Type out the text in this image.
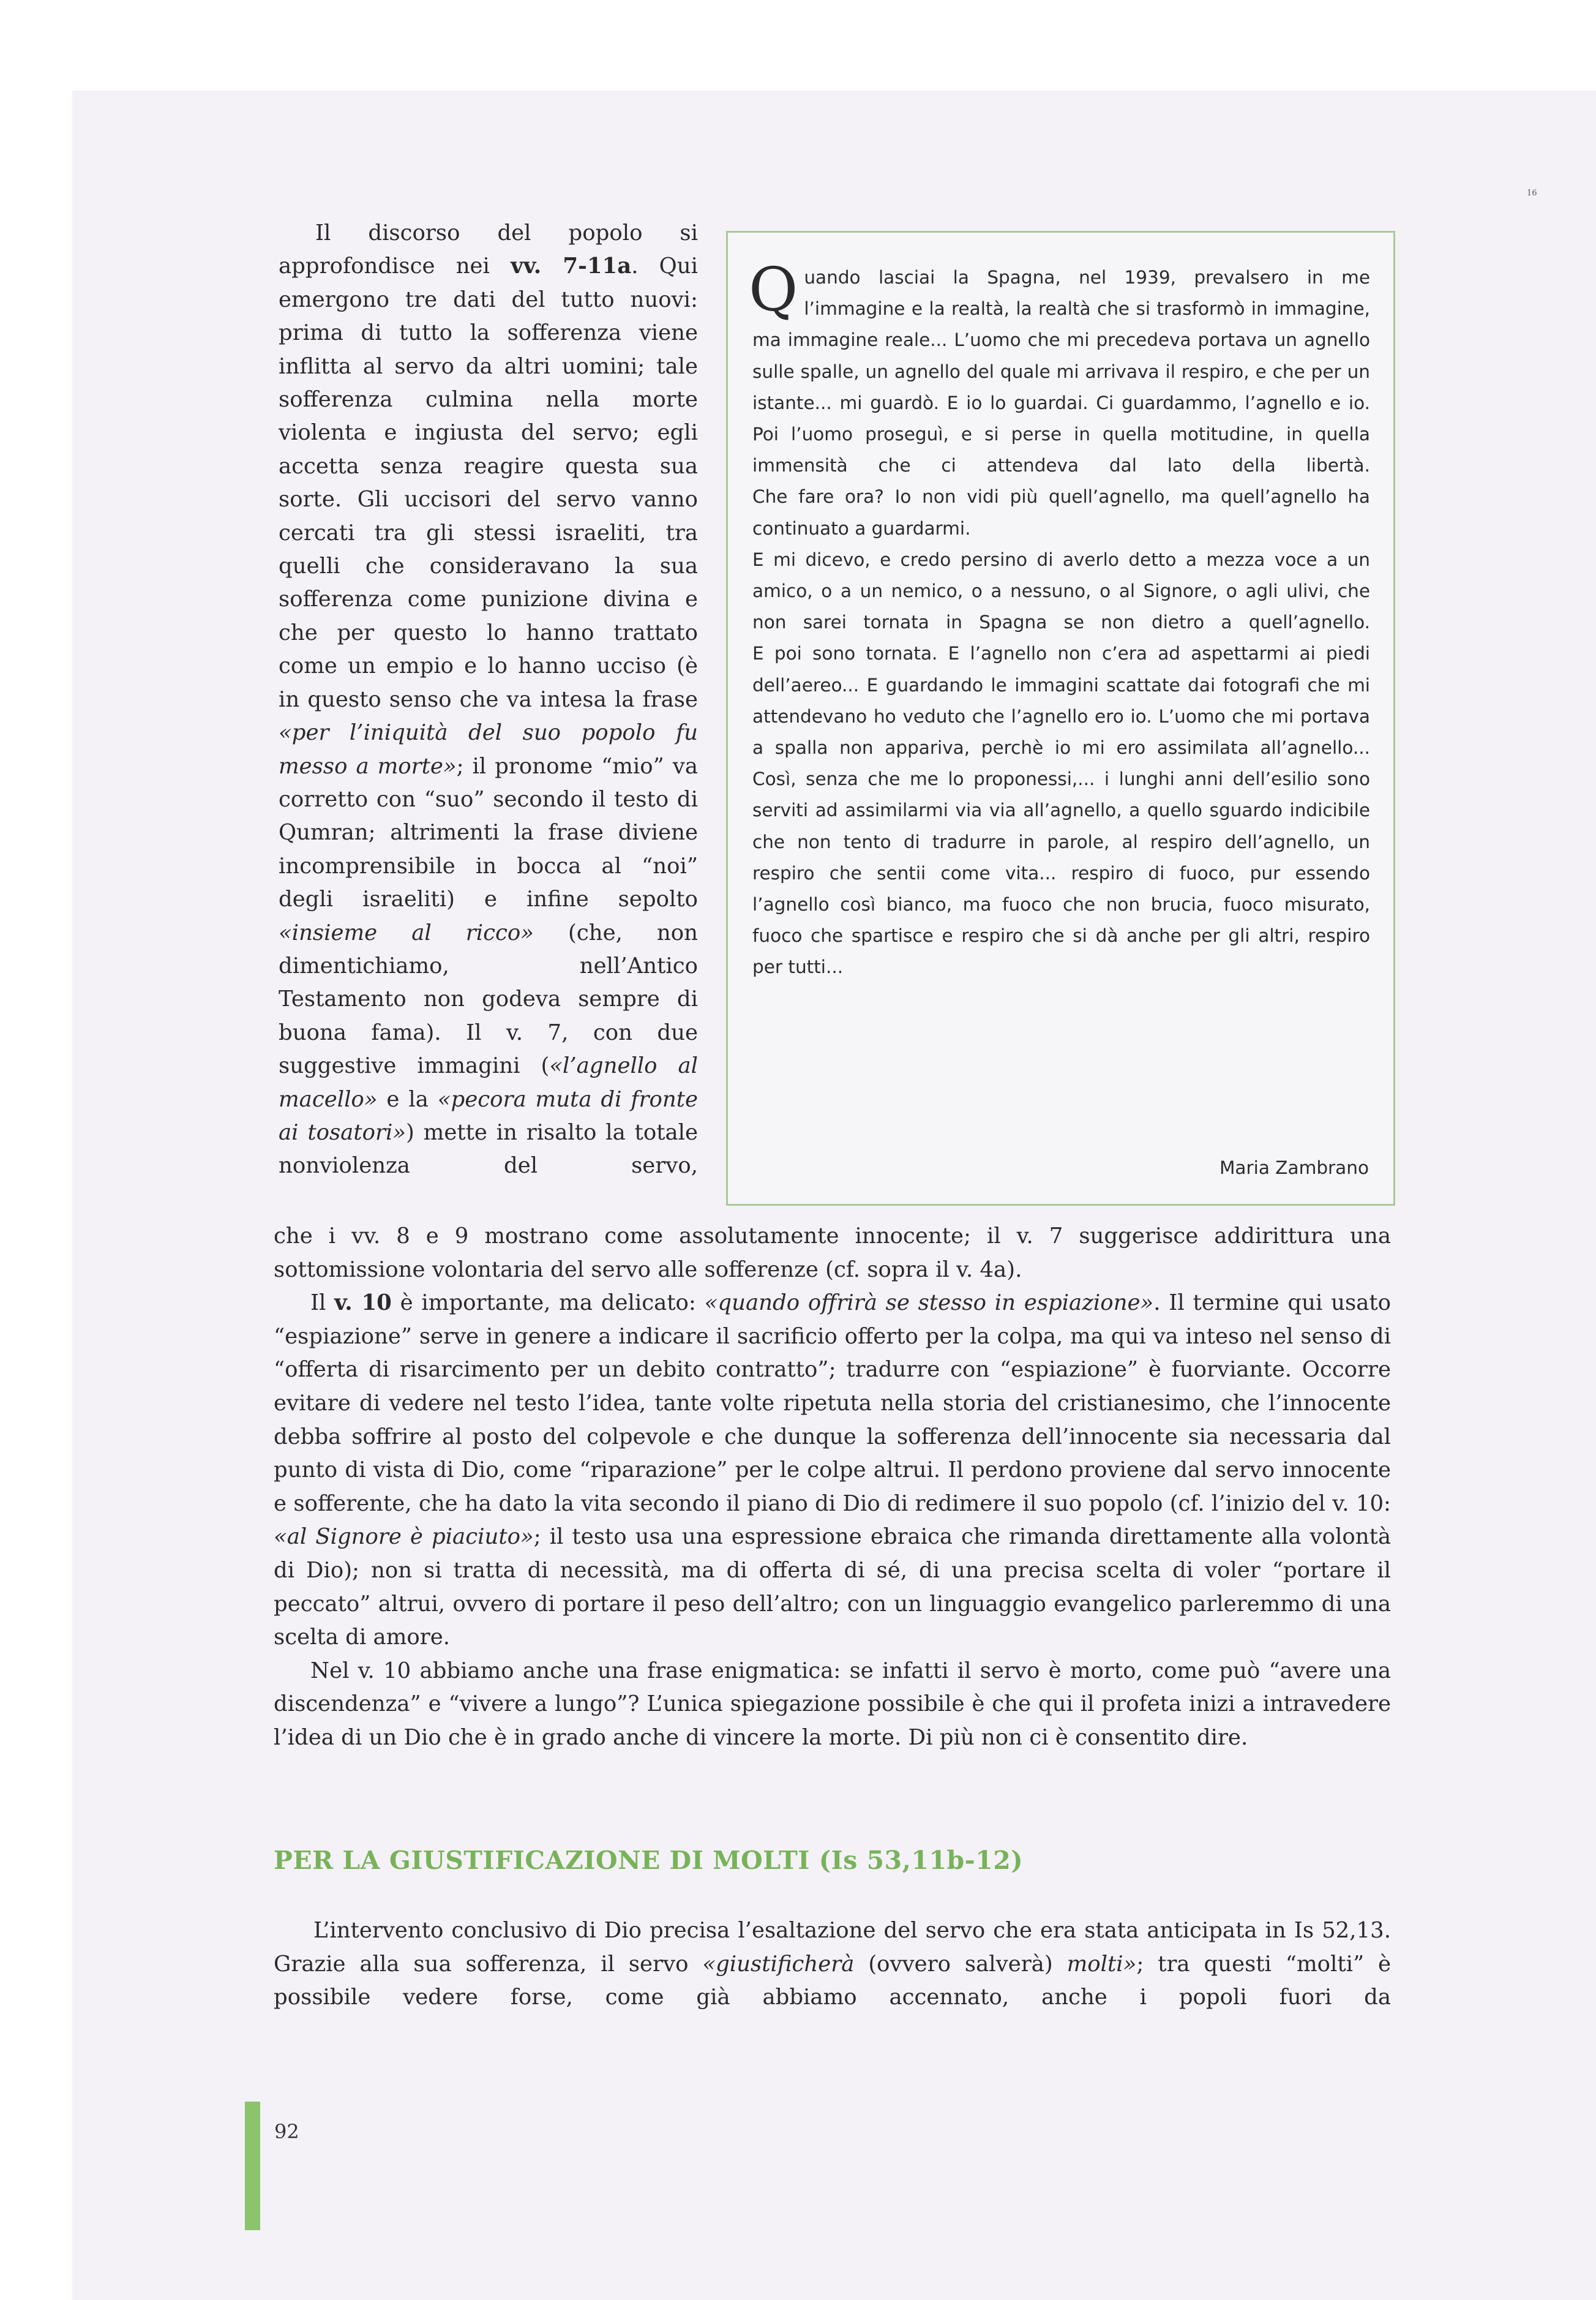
16

Il discorso del popolo si approfondisce nei vv. 7-11a. Qui emergono tre dati del tutto nuovi: prima di tutto la sofferenza viene inflitta al servo da altri uomini; tale sofferenza culmina nella morte violenta e ingiusta del servo; egli accetta senza reagire questa sua sorte. Gli uccisori del servo vanno cercati tra gli stessi israeliti, tra quelli che consideravano la sua sofferenza come punizione divina e che per questo lo hanno trattato come un empio e lo hanno ucciso (è in questo senso che va intesa la frase «per l’iniquità del suo popolo fu messo a morte»; il pronome “mio” va corretto con “suo” secondo il testo di Qumran; altrimenti la frase diviene incomprensibile in bocca al “noi” degli israeliti) e infine sepolto «insieme al ricco» (che, non dimentichiamo, nell’Antico Testamento non godeva sempre di buona fama). Il v. 7, con due suggestive immagini («l’agnello al macello» e la «pecora muta di fronte ai tosatori») mette in risalto la totale nonviolenza del servo,

Quando lasciai la Spagna, nel 1939, prevalsero in me l’immagine e la realtà, la realtà che si trasformò in immagine, ma immagine reale... L’uomo che mi precedeva portava un agnello sulle spalle, un agnello del quale mi arrivava il respiro, e che per un istante... mi guardò. E io lo guardai. Ci guardammo, l’agnello e io. Poi l’uomo proseguì, e si perse in quella motitudine, in quella immensità che ci attendeva dal lato della libertà.

Che fare ora? Io non vidi più quell’agnello, ma quell’agnello ha continuato a guardarmi.

E mi dicevo, e credo persino di averlo detto a mezza voce a un amico, o a un nemico, o a nessuno, o al Signore, o agli ulivi, che non sarei tornata in Spagna se non dietro a quell’agnello.

E poi sono tornata. E l’agnello non c’era ad aspettarmi ai piedi dell’aereo... E guardando le immagini scattate dai fotografi che mi attendevano ho veduto che l’agnello ero io. L’uomo che mi portava a spalla non appariva, perchè io mi ero assimilata all’agnello...

Così, senza che me lo proponessi,... i lunghi anni dell’esilio sono serviti ad assimilarmi via via all’agnello, a quello sguardo indicibile che non tento di tradurre in parole, al respiro dell’agnello, un respiro che sentii come vita... respiro di fuoco, pur essendo l’agnello così bianco, ma fuoco che non brucia, fuoco misurato, fuoco che spartisce e respiro che si dà anche per gli altri, respiro per tutti...

Maria Zambrano

che i vv. 8 e 9 mostrano come assolutamente innocente; il v. 7 suggerisce addirittura una sottomissione volontaria del servo alle sofferenze (cf. sopra il v. 4a).

Il v. 10 è importante, ma delicato: «quando offrirà se stesso in espiazione». Il termine qui usato “espiazione” serve in genere a indicare il sacrificio offerto per la colpa, ma qui va inteso nel senso di “offerta di risarcimento per un debito contratto”; tradurre con “espiazione” è fuorviante. Occorre evitare di vedere nel testo l’idea, tante volte ripetuta nella storia del cristianesimo, che l’innocente debba soffrire al posto del colpevole e che dunque la sofferenza dell’innocente sia necessaria dal punto di vista di Dio, come “riparazione” per le colpe altrui. Il perdono proviene dal servo innocente e sofferente, che ha dato la vita secondo il piano di Dio di redimere il suo popolo (cf. l’inizio del v. 10: «al Signore è piaciuto»; il testo usa una espressione ebraica che rimanda direttamente alla volontà di Dio); non si tratta di necessità, ma di offerta di sé, di una precisa scelta di voler “portare il peccato” altrui, ovvero di portare il peso dell’altro; con un linguaggio evangelico parleremmo di una scelta di amore.

Nel v. 10 abbiamo anche una frase enigmatica: se infatti il servo è morto, come può “avere una discendenza” e “vivere a lungo”? L’unica spiegazione possibile è che qui il profeta inizi a intravedere l’idea di un Dio che è in grado anche di vincere la morte. Di più non ci è consentito dire.

PER LA GIUSTIFICAZIONE DI MOLTI (Is 53,11b-12)

L’intervento conclusivo di Dio precisa l’esaltazione del servo che era stata anticipata in Is 52,13. Grazie alla sua sofferenza, il servo «giustificherà (ovvero salverà) molti»; tra questi “molti” è possibile vedere forse, come già abbiamo accennato, anche i popoli fuori da

92
